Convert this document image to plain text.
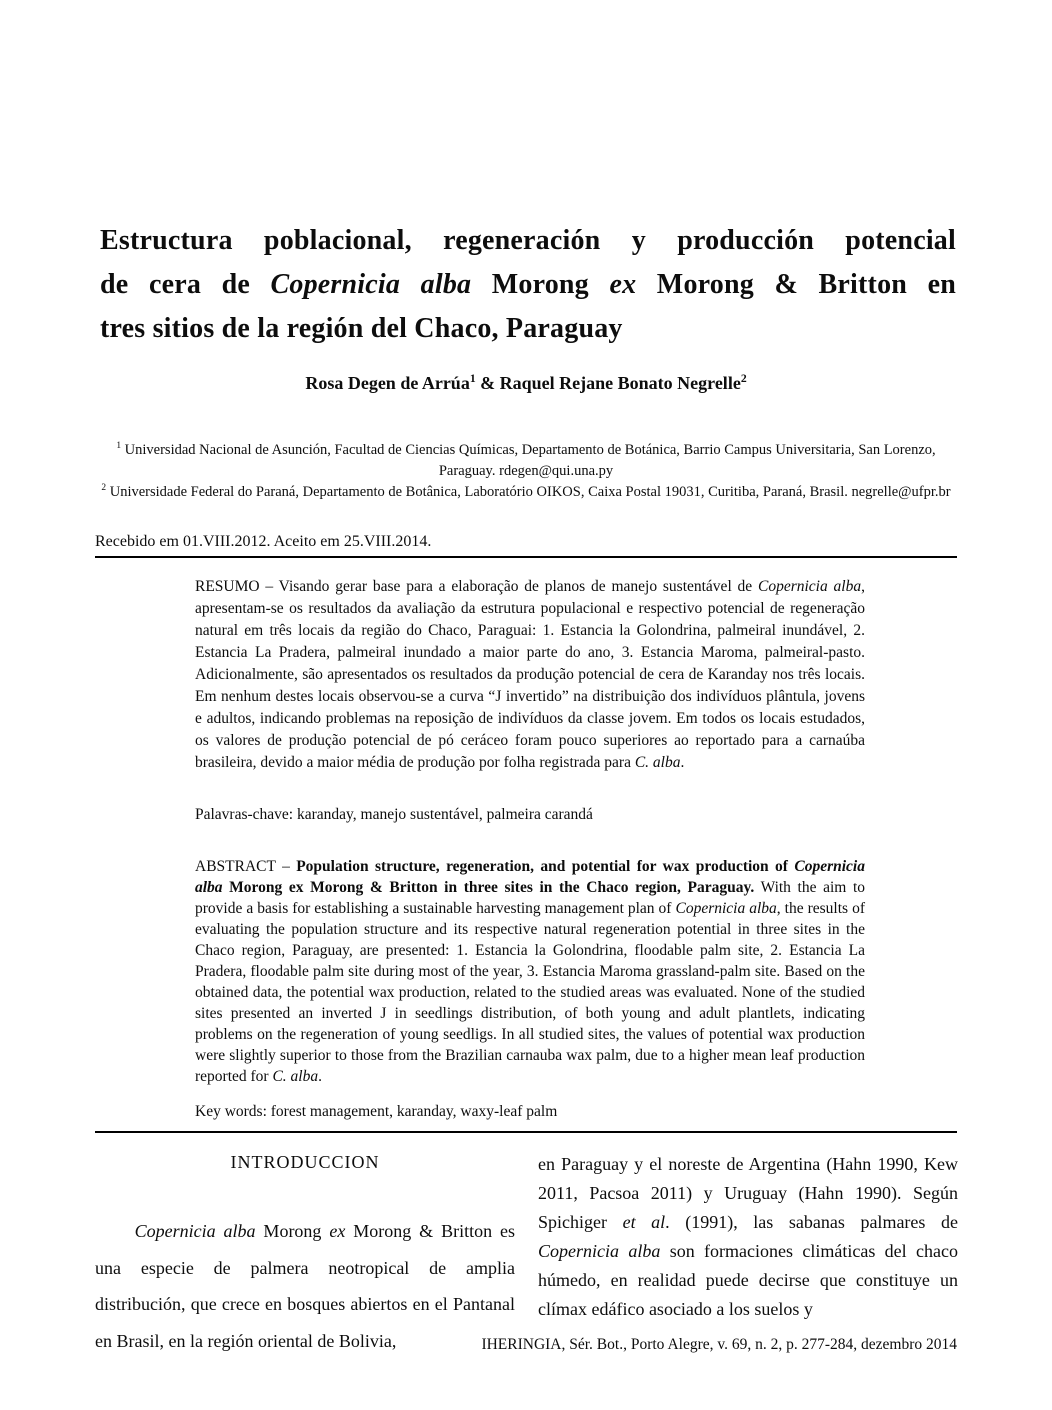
Estructura poblacional, regeneración y producción potencial
de cera de Copernicia alba Morong ex Morong & Britton en
tres sitios de la región del Chaco, Paraguay
Rosa Degen de Arrúa$^1$ & Raquel Rejane Bonato Negrelle$^2$
$^1$ Universidad Nacional de Asunción, Facultad de Ciencias Químicas, Departamento de Botánica, Barrio Campus Universitaria, San Lorenzo, Paraguay. rdegen@qui.una.py
$^2$ Universidade Federal do Paraná, Departamento de Botânica, Laboratório OIKOS, Caixa Postal 19031, Curitiba, Paraná, Brasil. negrelle@ufpr.br
Recebido em 01.VIII.2012. Aceito em 25.VIII.2014.
RESUMO – Visando gerar base para a elaboração de planos de manejo sustentável de Copernicia alba, apresentam-se os resultados da avaliação da estrutura populacional e respectivo potencial de regeneração natural em três locais da região do Chaco, Paraguai: 1. Estancia la Golondrina, palmeiral inundável, 2. Estancia La Pradera, palmeiral inundado a maior parte do ano, 3. Estancia Maroma, palmeiral-pasto. Adicionalmente, são apresentados os resultados da produção potencial de cera de Karanday nos três locais. Em nenhum destes locais observou-se a curva “J invertido” na distribuição dos indivíduos plântula, jovens e adultos, indicando problemas na reposição de indivíduos da classe jovem. Em todos os locais estudados, os valores de produção potencial de pó ceráceo foram pouco superiores ao reportado para a carnaúba brasileira, devido a maior média de produção por folha registrada para C. alba.
Palavras-chave: karanday, manejo sustentável, palmeira carandá
ABSTRACT – Population structure, regeneration, and potential for wax production of Copernicia alba Morong ex Morong & Britton in three sites in the Chaco region, Paraguay. With the aim to provide a basis for establishing a sustainable harvesting management plan of Copernicia alba, the results of evaluating the population structure and its respective natural regeneration potential in three sites in the Chaco region, Paraguay, are presented: 1. Estancia la Golondrina, floodable palm site, 2. Estancia La Pradera, floodable palm site during most of the year, 3. Estancia Maroma grassland-palm site. Based on the obtained data, the potential wax production, related to the studied areas was evaluated. None of the studied sites presented an inverted J in seedlings distribution, of both young and adult plantlets, indicating problems on the regeneration of young seedligs. In all studied sites, the values of potential wax production were slightly superior to those from the Brazilian carnauba wax palm, due to a higher mean leaf production reported for C. alba.
Key words: forest management, karanday, waxy-leaf palm
INTRODUCCION
Copernicia alba Morong ex Morong & Britton es una especie de palmera neotropical de amplia distribución, que crece en bosques abiertos en el Pantanal en Brasil, en la región oriental de Bolivia,
en Paraguay y el noreste de Argentina (Hahn 1990, Kew 2011, Pacsoa 2011) y Uruguay (Hahn 1990). Según Spichiger et al. (1991), las sabanas palmares de Copernicia alba son formaciones climáticas del chaco húmedo, en realidad puede decirse que constituye un clímax edáfico asociado a los suelos y
IHERINGIA, Sér. Bot., Porto Alegre, v. 69, n. 2, p. 277-284, dezembro 2014
